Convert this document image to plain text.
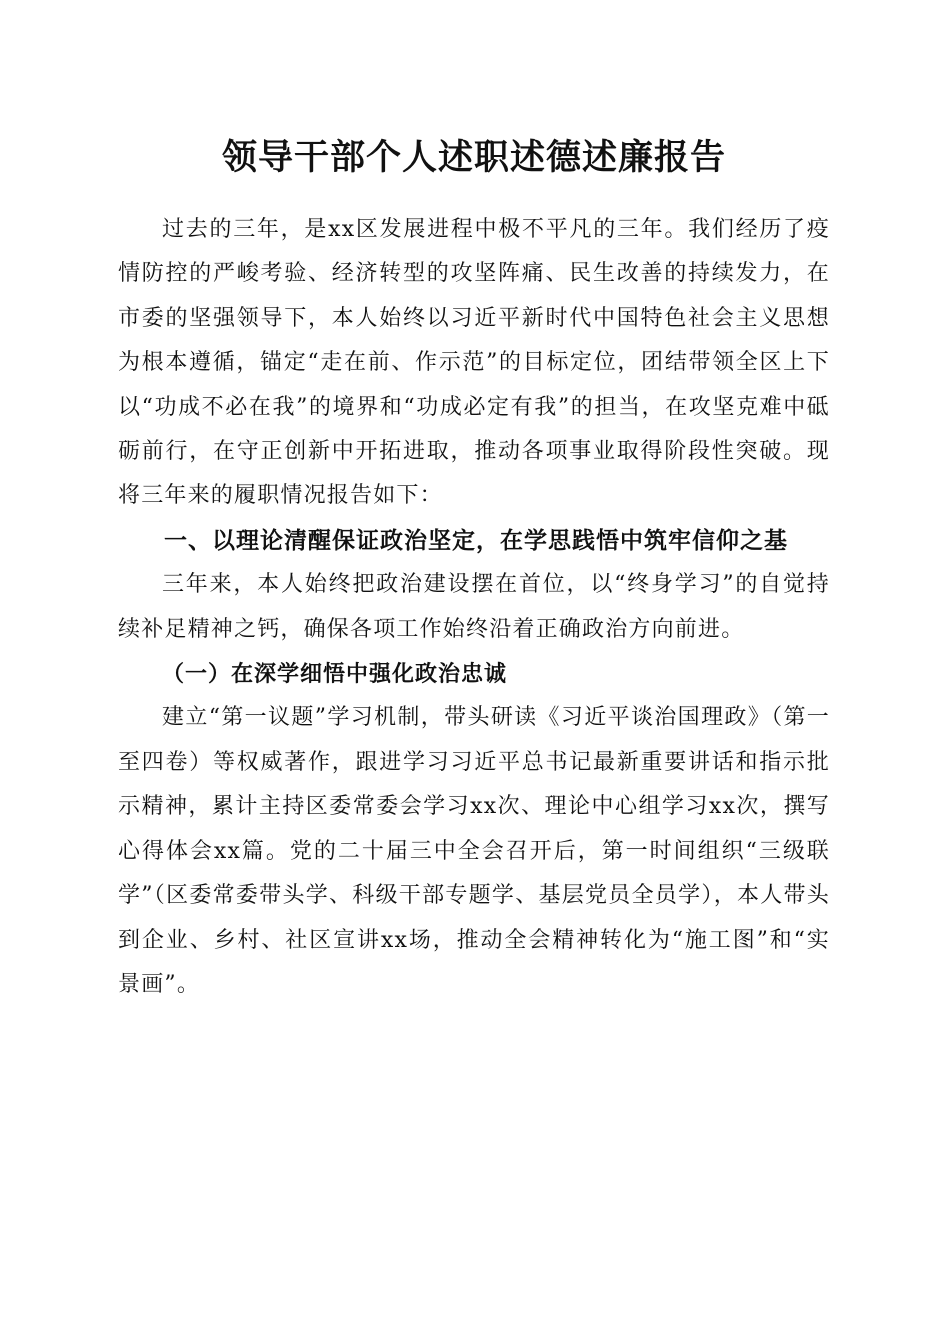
领导干部个人述职述德述廉报告

过去的三年，是xx区发展进程中极不平凡的三年。我们经历了疫情防控的严峻考验、经济转型的攻坚阵痛、民生改善的持续发力，在市委的坚强领导下，本人始终以习近平新时代中国特色社会主义思想为根本遵循，锚定“走在前、作示范”的目标定位，团结带领全区上下以“功成不必在我”的境界和“功成必定有我”的担当，在攻坚克难中砥砺前行，在守正创新中开拓进取，推动各项事业取得阶段性突破。现将三年来的履职情况报告如下：

一、以理论清醒保证政治坚定，在学思践悟中筑牢信仰之基

三年来，本人始终把政治建设摆在首位，以“终身学习”的自觉持续补足精神之钙，确保各项工作始终沿着正确政治方向前进。

（一）在深学细悟中强化政治忠诚

建立“第一议题”学习机制，带头研读《习近平谈治国理政》（第一至四卷）等权威著作，跟进学习习近平总书记最新重要讲话和指示批示精神，累计主持区委常委会学习xx次、理论中心组学习xx次，撰写心得体会xx篇。党的二十届三中全会召开后，第一时间组织“三级联学”（区委常委带头学、科级干部专题学、基层党员全员学），本人带头到企业、乡村、社区宣讲xx场，推动全会精神转化为“施工图”和“实景画”。
